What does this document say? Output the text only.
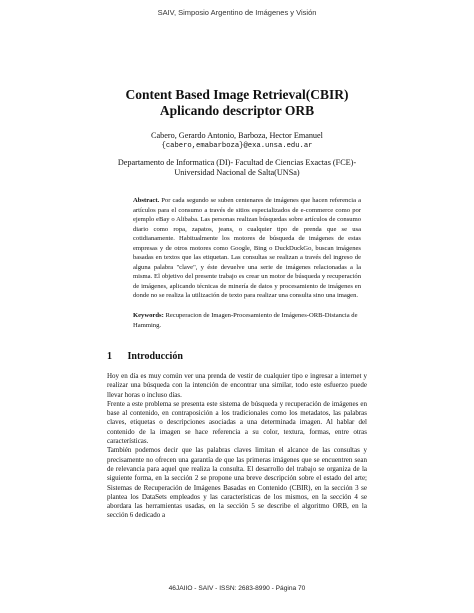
SAIV, Simposio Argentino de Imágenes y Visión
Content Based Image Retrieval(CBIR)
Aplicando descriptor ORB
Cabero, Gerardo Antonio, Barboza, Hector Emanuel
{cabero,emabarboza}@exa.unsa.edu.ar
Departamento de Informatica (DI)- Facultad de Ciencias Exactas (FCE)-
Universidad Nacional de Salta(UNSa)
Abstract. Por cada segundo se suben centenares de imágenes que hacen referencia a artículos para el consumo a través de sitios especializados de e-commerce como por ejemplo eBay o Alibaba. Las personas realizan búsquedas sobre artículos de consumo diario como ropa, zapatos, jeans, o cualquier tipo de prenda que se usa cotidianamente. Habitualmente los motores de búsqueda de imágenes de estas empresas y de otros motores como Google, Bing o DuckDuckGo, buscan imágenes basadas en textos que las etiquetan. Las consultas se realizan a través del ingreso de alguna palabra "clave", y éste devuelve una serie de imágenes relacionadas a la misma. El objetivo del presente trabajo es crear un motor de búsqueda y recuperación de imágenes, aplicando técnicas de minería de datos y procesamiento de imágenes en donde no se realiza la utilización de texto para realizar una consulta sino una imagen.
Keywords: Recuperacion de Imagen-Procesamiento de Imágenes-ORB-Distancia de Hamming.
1 Introducción

Hoy en día es muy común ver una prenda de vestir de cualquier tipo e ingresar a internet y realizar una búsqueda con la intención de encontrar una similar, todo este esfuerzo puede llevar horas o incluso días.

Frente a este problema se presenta este sistema de búsqueda y recuperación de imágenes en base al contenido, en contraposición a los tradicionales como los metadatos, las palabras claves, etiquetas o descripciones asociadas a una determinada imagen. Al hablar del contenido de la imagen se hace referencia a su color, textura, formas, entre otras características.

También podemos decir que las palabras claves limitan el alcance de las consultas y precisamente no ofrecen una garantía de que las primeras imágenes que se encuentren sean de relevancia para aquel que realiza la consulta. El desarrollo del trabajo se organiza de la siguiente forma, en la sección 2 se propone una breve descripción sobre el estado del arte; Sistemas de Recuperación de Imágenes Basadas en Contenido (CBIR), en la sección 3 se plantea los DataSets empleados y las características de los mismos, en la sección 4 se abordara las herramientas usadas, en la sección 5 se describe el algoritmo ORB, en la sección 6 dedicado a

46JAIIO - SAIV - ISSN: 2683-8990 - Página 70
